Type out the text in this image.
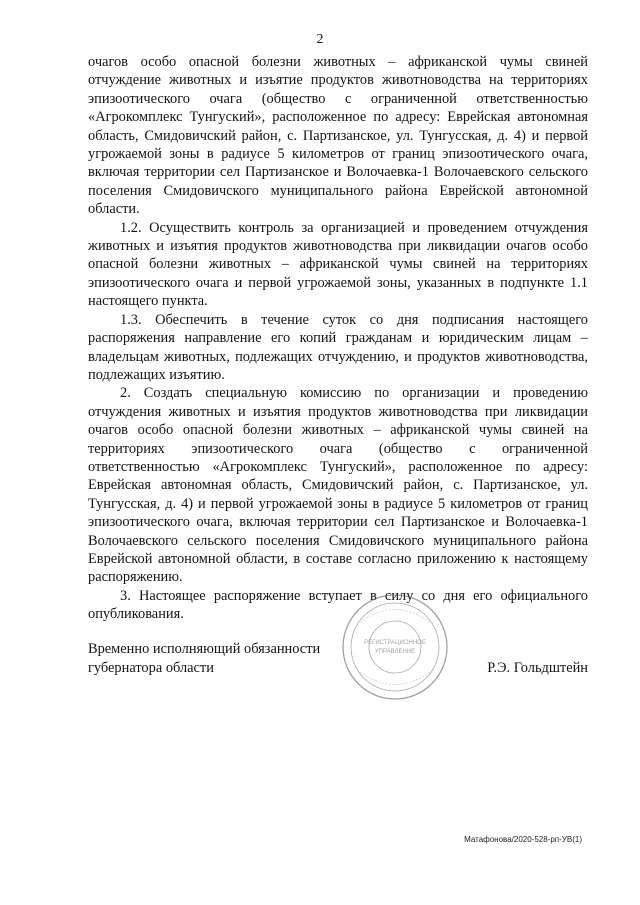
2

очагов особо опасной болезни животных – африканской чумы свиней отчуждение животных и изъятие продуктов животноводства на территориях эпизоотического очага (общество с ограниченной ответственностью «Агрокомплекс Тунгуский», расположенное по адресу: Еврейская автономная область, Смидовичский район, с. Партизанское, ул. Тунгусская, д. 4) и первой угрожаемой зоны в радиусе 5 километров от границ эпизоотического очага, включая территории сел Партизанское и Волочаевка-1 Волочаевского сельского поселения Смидовичского муниципального района Еврейской автономной области.

1.2. Осуществить контроль за организацией и проведением отчуждения животных и изъятия продуктов животноводства при ликвидации очагов особо опасной болезни животных – африканской чумы свиней на территориях эпизоотического очага и первой угрожаемой зоны, указанных в подпункте 1.1 настоящего пункта.

1.3. Обеспечить в течение суток со дня подписания настоящего распоряжения направление его копий гражданам и юридическим лицам – владельцам животных, подлежащих отчуждению, и продуктов животноводства, подлежащих изъятию.

2. Создать специальную комиссию по организации и проведению отчуждения животных и изъятия продуктов животноводства при ликвидации очагов особо опасной болезни животных – африканской чумы свиней на территориях эпизоотического очага (общество с ограниченной ответственностью «Агрокомплекс Тунгуский», расположенное по адресу: Еврейская автономная область, Смидовичский район, с. Партизанское, ул. Тунгусская, д. 4) и первой угрожаемой зоны в радиусе 5 километров от границ эпизоотического очага, включая территории сел Партизанское и Волочаевка-1 Волочаевского сельского поселения Смидовичского муниципального района Еврейской автономной области, в составе согласно приложению к настоящему распоряжению.

3. Настоящее распоряжение вступает в силу со дня его официального опубликования.

РЕГИСТРАЦИОННОЕ
УПРАВЛЕНИЕ
Временно исполняющий обязанности
губернатора области	Р.Э. Гольдштейн
Матафонова/2020-528-рп-УВ(1)
